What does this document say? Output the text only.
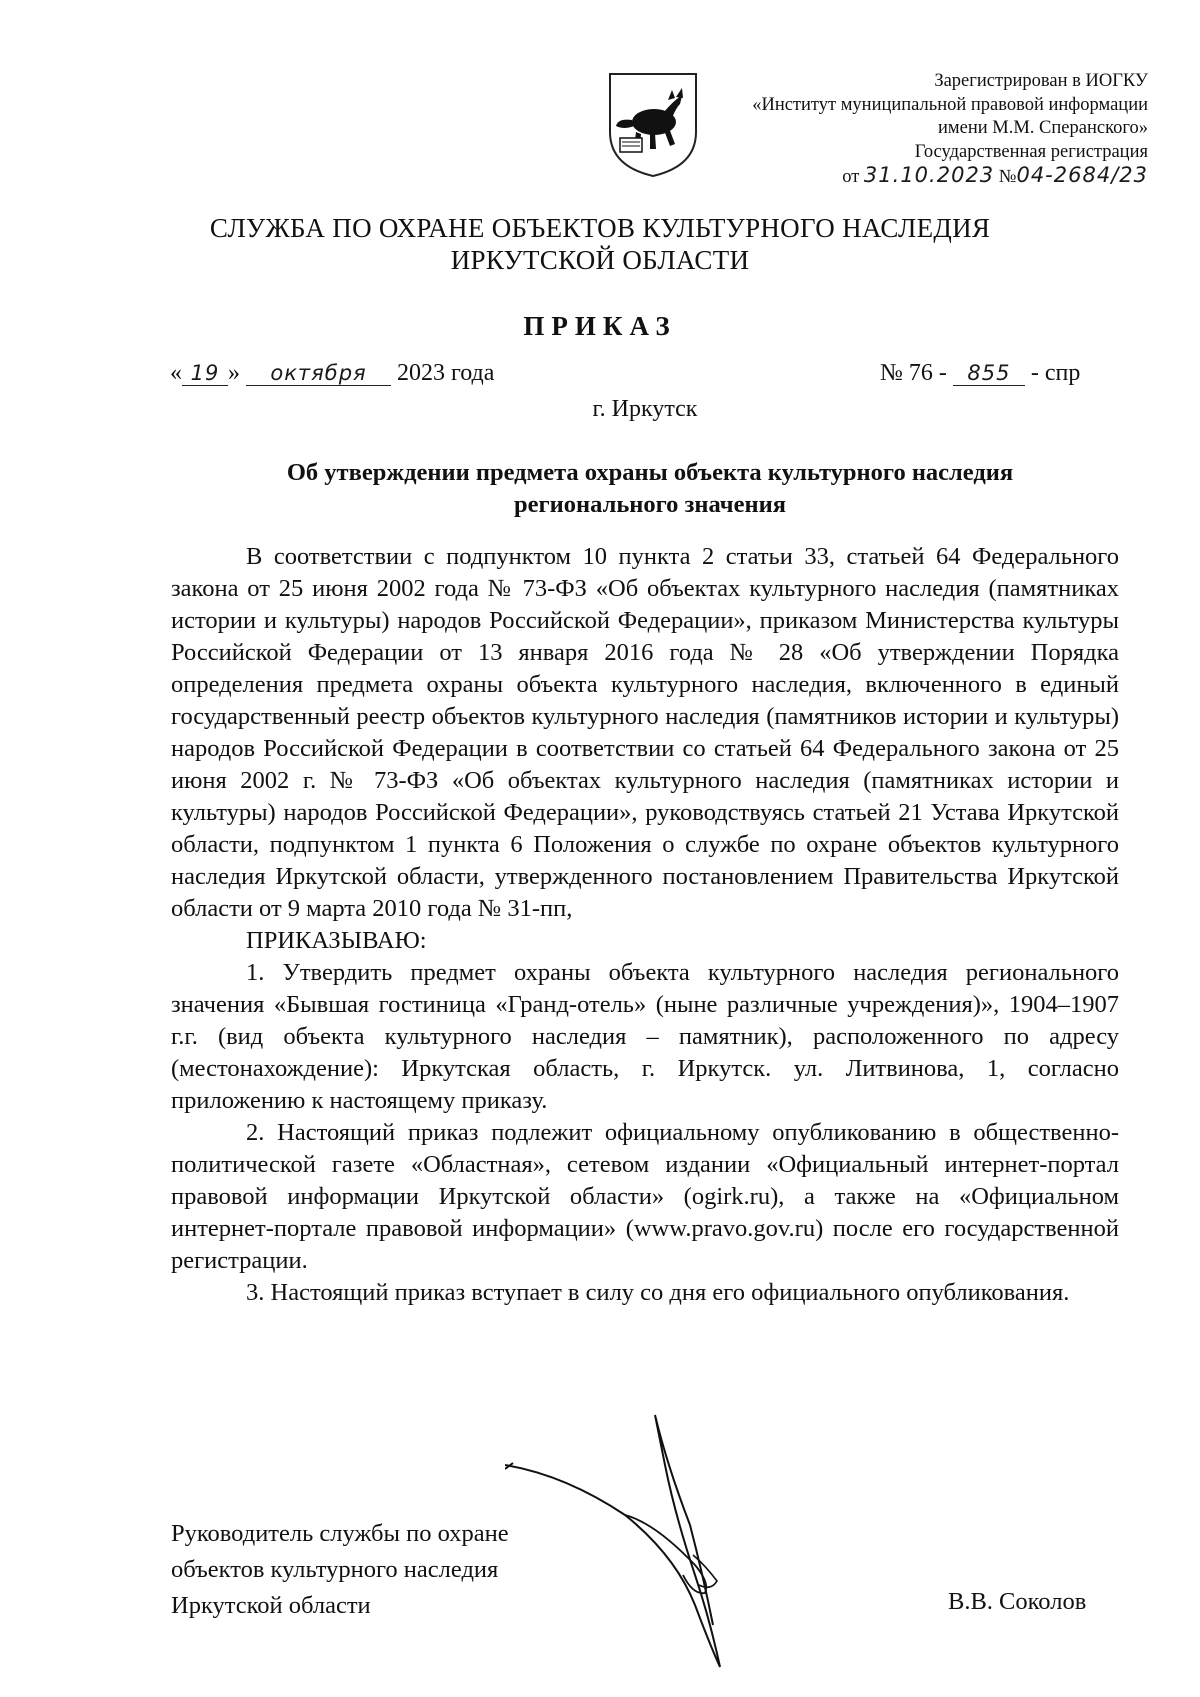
Зарегистрирован в ИОГКУ
«Институт муниципальной правовой информации
имени М.М. Сперанского»
Государственная регистрация
от 31.10.2023 №04-2684/23
СЛУЖБА ПО ОХРАНЕ ОБЪЕКТОВ КУЛЬТУРНОГО НАСЛЕДИЯ
ИРКУТСКОЙ ОБЛАСТИ
ПРИКАЗ
« 19 » октября 2023 года	№ 76 - 855 - спр
г. Иркутск
Об утверждении предмета охраны объекта культурного наследия
регионального значения

В соответствии с подпунктом 10 пункта 2 статьи 33, статьей 64 Федерального закона от 25 июня 2002 года № 73-ФЗ «Об объектах культурного наследия (памятниках истории и культуры) народов Российской Федерации», приказом Министерства культуры Российской Федерации от 13 января 2016 года № 28 «Об утверждении Порядка определения предмета охраны объекта культурного наследия, включенного в единый государственный реестр объектов культурного наследия (памятников истории и культуры) народов Российской Федерации в соответствии со статьей 64 Федерального закона от 25 июня 2002 г. № 73-ФЗ «Об объектах культурного наследия (памятниках истории и культуры) народов Российской Федерации», руководствуясь статьей 21 Устава Иркутской области, подпунктом 1 пункта 6 Положения о службе по охране объектов культурного наследия Иркутской области, утвержденного постановлением Правительства Иркутской области от 9 марта 2010 года № 31-пп,

ПРИКАЗЫВАЮ:

1. Утвердить предмет охраны объекта культурного наследия регионального значения «Бывшая гостиница «Гранд-отель» (ныне различные учреждения)», 1904–1907 г.г. (вид объекта культурного наследия – памятник), расположенного по адресу (местонахождение): Иркутская область, г. Иркутск. ул. Литвинова, 1, согласно приложению к настоящему приказу.

2. Настоящий приказ подлежит официальному опубликованию в общественно-политической газете «Областная», сетевом издании «Официальный интернет-портал правовой информации Иркутской области» (ogirk.ru), а также на «Официальном интернет-портале правовой информации» (www.pravo.gov.ru) после его государственной регистрации.

3. Настоящий приказ вступает в силу со дня его официального опубликования.

Руководитель службы по охране
объектов культурного наследия
Иркутской области	В.В. Соколов
